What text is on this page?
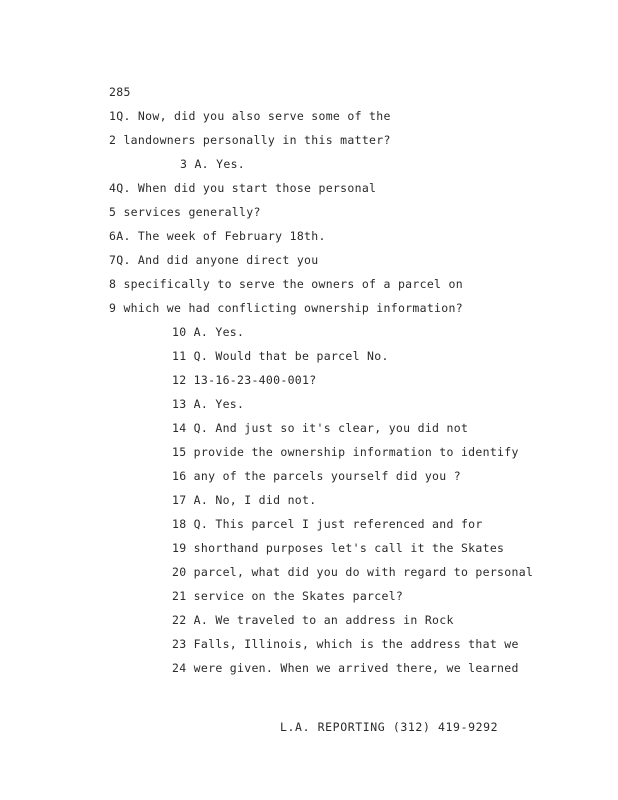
285
1Q. Now, did you also serve some of the
2 landowners personally in this matter?
3 A. Yes.
4Q. When did you start those personal
5 services generally?
6A. The week of February 18th.
7Q. And did anyone direct you
8 specifically to serve the owners of a parcel on
9 which we had conflicting ownership information?
10 A. Yes.
11 Q. Would that be parcel No.
12 13-16-23-400-001?
13 A. Yes.
14 Q. And just so it's clear, you did not
15 provide the ownership information to identify
16 any of the parcels yourself did you ?
17 A. No, I did not.
18 Q. This parcel I just referenced and for
19 shorthand purposes let's call it the Skates
20 parcel, what did you do with regard to personal
21 service on the Skates parcel?
22 A. We traveled to an address in Rock
23 Falls, Illinois, which is the address that we
24 were given. When we arrived there, we learned
L.A. REPORTING (312) 419-9292
